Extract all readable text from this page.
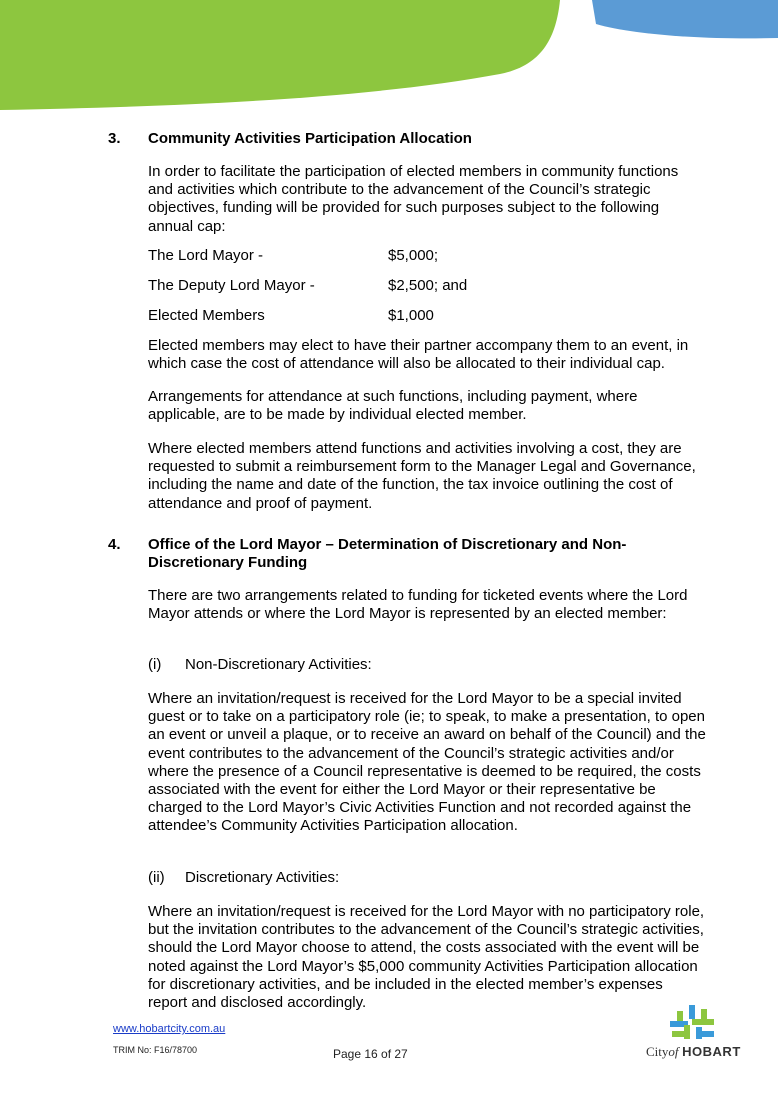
3. Community Activities Participation Allocation

In order to facilitate the participation of elected members in community functions and activities which contribute to the advancement of the Council’s strategic objectives, funding will be provided for such purposes subject to the following annual cap:

The Lord Mayor -	$5,000;
The Deputy Lord Mayor -	$2,500; and
Elected Members	$1,000

Elected members may elect to have their partner accompany them to an event, in which case the cost of attendance will also be allocated to their individual cap.

Arrangements for attendance at such functions, including payment, where applicable, are to be made by individual elected member.

Where elected members attend functions and activities involving a cost, they are requested to submit a reimbursement form to the Manager Legal and Governance, including the name and date of the function, the tax invoice outlining the cost of attendance and proof of payment.

4. Office of the Lord Mayor – Determination of Discretionary and Non-Discretionary Funding

There are two arrangements related to funding for ticketed events where the Lord Mayor attends or where the Lord Mayor is represented by an elected member:

(i) Non-Discretionary Activities:

Where an invitation/request is received for the Lord Mayor to be a special invited guest or to take on a participatory role (ie; to speak, to make a presentation, to open an event or unveil a plaque, or to receive an award on behalf of the Council) and the event contributes to the advancement of the Council’s strategic activities and/or where the presence of a Council representative is deemed to be required, the costs associated with the event for either the Lord Mayor or their representative be charged to the Lord Mayor’s Civic Activities Function and not recorded against the attendee’s Community Activities Participation allocation.

(ii) Discretionary Activities:

Where an invitation/request is received for the Lord Mayor with no participatory role, but the invitation contributes to the advancement of the Council’s strategic activities, should the Lord Mayor choose to attend, the costs associated with the event will be noted against the Lord Mayor’s $5,000 community Activities Participation allocation for discretionary activities, and be included in the elected member’s expenses report and disclosed accordingly.

www.hobartcity.com.au
TRIM No: F16/78700	Page 16 of 27	Cityof HOBART
